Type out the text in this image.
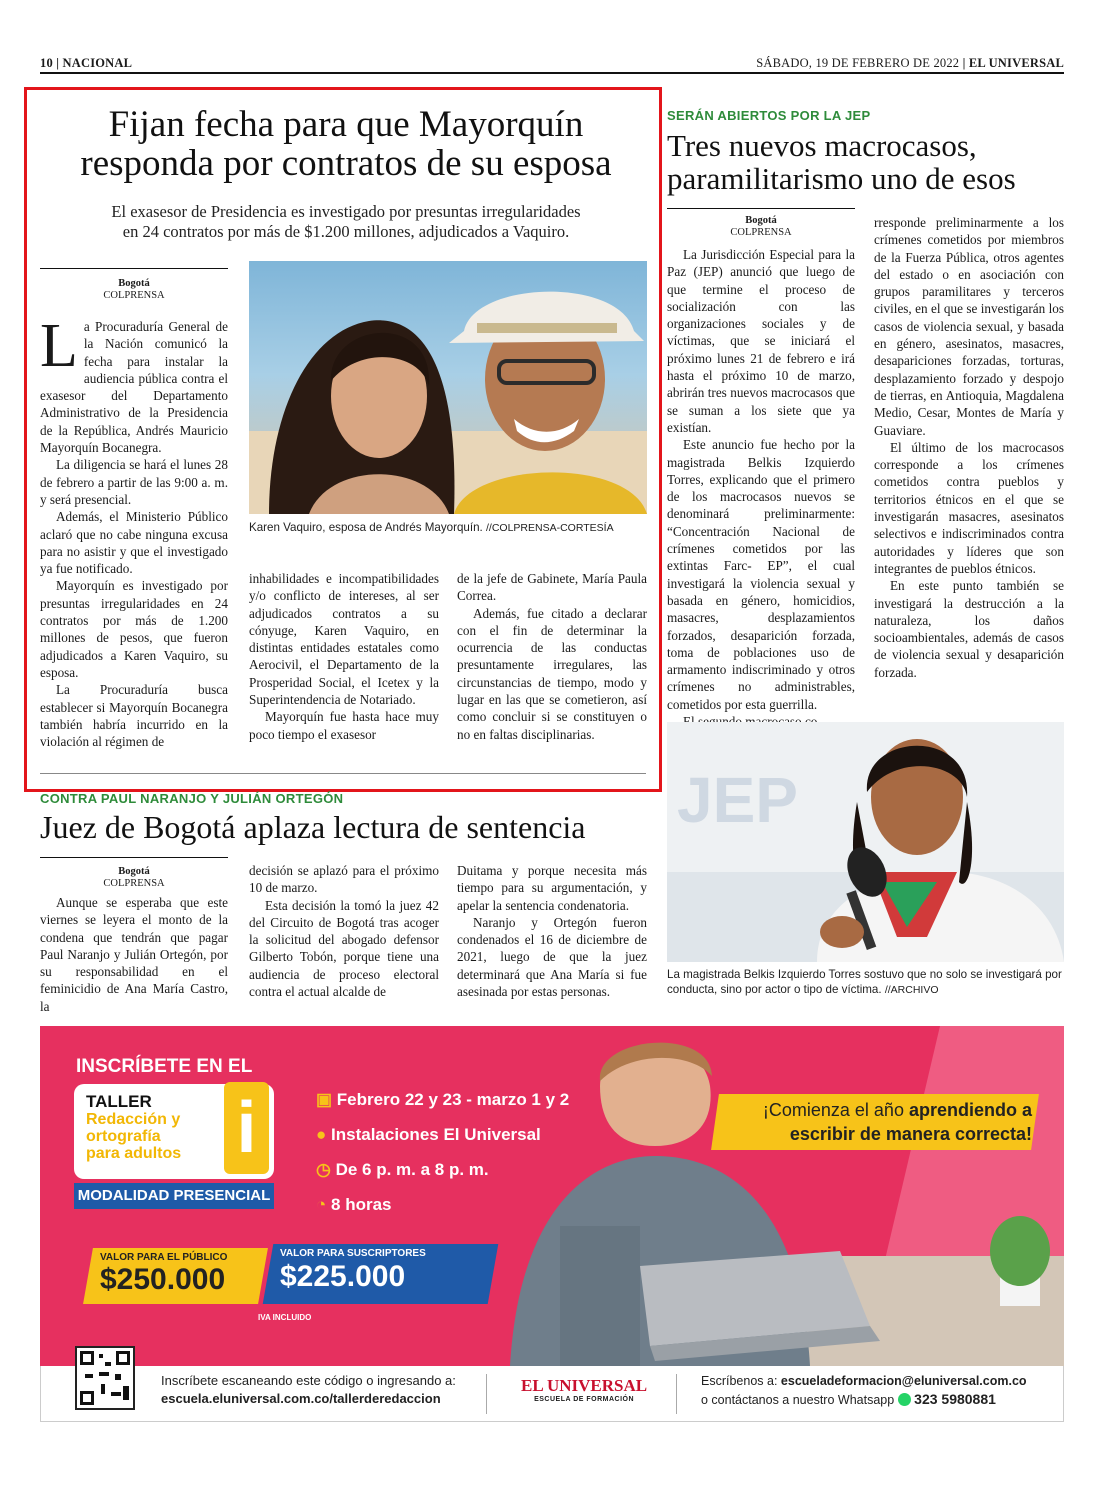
10 | NACIONAL	SÁBADO, 19 DE FEBRERO DE 2022 | EL UNIVERSAL
Fijan fecha para que Mayorquín
responda por contratos de su esposa
El exasesor de Presidencia es investigado por presuntas irregularidades
en 24 contratos por más de $1.200 millones, adjudicados a Vaquiro.
Bogotá
COLPRENSA

La Procuraduría General de la Nación comunicó la fecha para instalar la audiencia pública contra el exasesor del Departamento Administrativo de la Presidencia de la República, Andrés Mauricio Mayorquín Bocanegra.

La diligencia se hará el lunes 28 de febrero a partir de las 9:00 a. m. y será presencial.

Además, el Ministerio Público aclaró que no cabe ninguna excusa para no asistir y que el investigado ya fue notificado.

Mayorquín es investigado por presuntas irregularidades en 24 contratos por más de 1.200 millones de pesos, que fueron adjudicados a Karen Vaquiro, su esposa.

La Procuraduría busca establecer si Mayorquín Bocanegra también habría incurrido en la violación al régimen de

Karen Vaquiro, esposa de Andrés Mayorquín. //COLPRENSA-CORTESÍA

inhabilidades e incompatibilidades y/o conflicto de intereses, al ser adjudicados contratos a su cónyuge, Karen Vaquiro, en distintas entidades estatales como Aerocivil, el Departamento de la Prosperidad Social, el Icetex y la Superintendencia de Notariado.

Mayorquín fue hasta hace muy poco tiempo el exasesor

de la jefe de Gabinete, María Paula Correa.

Además, fue citado a declarar con el fin de determinar la ocurrencia de las conductas presuntamente irregulares, las circunstancias de tiempo, modo y lugar en las que se cometieron, así como concluir si se constituyen o no en faltas disciplinarias.

CONTRA PAUL NARANJO Y JULIÁN ORTEGÓN
Juez de Bogotá aplaza lectura de sentencia
Bogotá
COLPRENSA

Aunque se esperaba que este viernes se leyera el monto de la condena que tendrán que pagar Paul Naranjo y Julián Ortegón, por su responsabilidad en el feminicidio de Ana María Castro, la

decisión se aplazó para el próximo 10 de marzo.

Esta decisión la tomó la juez 42 del Circuito de Bogotá tras acoger la solicitud del abogado defensor Gilberto Tobón, porque tiene una audiencia de proceso electoral contra el actual alcalde de

Duitama y porque necesita más tiempo para su argumentación, y apelar la sentencia condenatoria.

Naranjo y Ortegón fueron condenados el 16 de diciembre de 2021, luego de que la juez determinará que Ana María si fue asesinada por estas personas.

SERÁN ABIERTOS POR LA JEP
Tres nuevos macrocasos,
paramilitarismo uno de esos
Bogotá
COLPRENSA

La Jurisdicción Especial para la Paz (JEP) anunció que luego de que termine el proceso de socialización con las organizaciones sociales y de víctimas, que se iniciará el próximo lunes 21 de febrero e irá hasta el próximo 10 de marzo, abrirán tres nuevos macrocasos que se suman a los siete que ya existían.

Este anuncio fue hecho por la magistrada Belkis Izquierdo Torres, explicando que el primero de los macrocasos nuevos se denominará preliminarmente: “Concentración Nacional de crímenes cometidos por las extintas Farc- EP”, el cual investigará la violencia sexual y basada en género, homicidios, masacres, desplazamientos forzados, desaparición forzada, toma de poblaciones uso de armamento indiscriminado y otros crímenes no administrables, cometidos por esta guerrilla.

rresponde preliminarmente a los crímenes cometidos por miembros de la Fuerza Pública, otros agentes del estado o en asociación con grupos paramilitares y terceros civiles, en el que se investigarán los casos de violencia sexual, y basada en género, asesinatos, masacres, desapariciones forzadas, torturas, desplazamiento forzado y despojo de tierras, en Antioquia, Magdalena Medio, Cesar, Montes de María y Guaviare.

El último de los macrocasos corresponde a los crímenes cometidos contra pueblos y territorios étnicos en el que se investigarán masacres, asesinatos selectivos e indiscriminados contra autoridades y líderes que son integrantes de pueblos étnicos.

En este punto también se investigará la destrucción a la naturaleza, los daños socioambientales, además de casos de violencia sexual y desaparición forzada.

JEP
La magistrada Belkis Izquierdo Torres sostuvo que no solo se investigará por conducta, sino por actor o tipo de víctima. //ARCHIVO
INSCRÍBETE EN EL
TALLER
Redacción y
ortografía
para adultos i
MODALIDAD PRESENCIAL
▣ Febrero 22 y 23 - marzo 1 y 2
● Instalaciones El Universal
◷ De 6 p. m. a 8 p. m.
◔ 8 horas
¡Comienza el año aprendiendo a
escribir de manera correcta!
VALOR PARA EL PÚBLICO
$250.000
VALOR PARA SUSCRIPTORES
$225.000
IVA INCLUIDO
Inscríbete escaneando este código o ingresando a:
escuela.eluniversal.com.co/tallerderedaccion
EL UNIVERSAL
ESCUELA DE FORMACIÓN
Escríbenos a: escueladeformacion@eluniversal.com.co
o contáctanos a nuestro Whatsapp 323 5980881
